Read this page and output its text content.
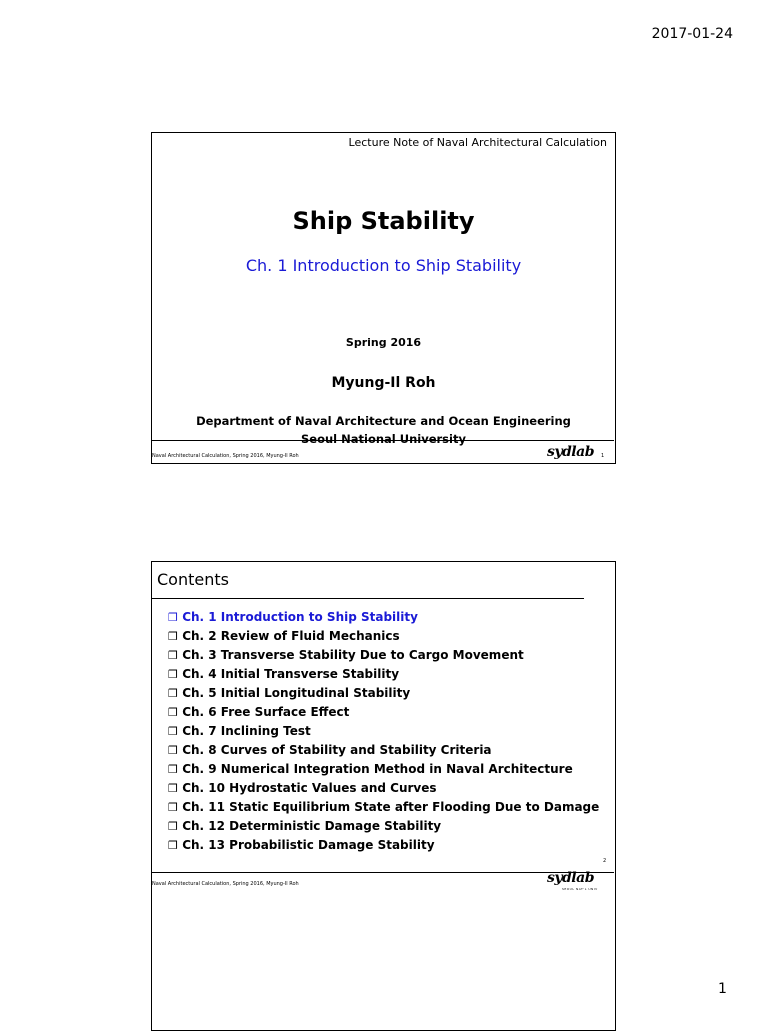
2017-01-24
Lecture Note of Naval Architectural Calculation
Ship Stability
Ch. 1 Introduction to Ship Stability
Spring 2016
Myung-Il Roh
Department of Naval Architecture and Ocean Engineering
Seoul National University
Naval Architectural Calculation, Spring 2016, Myung-Il Roh	sydlab 1
Contents
❒ Ch. 1 Introduction to Ship Stability
❒ Ch. 2 Review of Fluid Mechanics
❒ Ch. 3 Transverse Stability Due to Cargo Movement
❒ Ch. 4 Initial Transverse Stability
❒ Ch. 5 Initial Longitudinal Stability
❒ Ch. 6 Free Surface Effect
❒ Ch. 7 Inclining Test
❒ Ch. 8 Curves of Stability and Stability Criteria
❒ Ch. 9 Numerical Integration Method in Naval Architecture
❒ Ch. 10 Hydrostatic Values and Curves
❒ Ch. 11 Static Equilibrium State after Flooding Due to Damage
❒ Ch. 12 Deterministic Damage Stability
❒ Ch. 13 Probabilistic Damage Stability
2
Naval Architectural Calculation, Spring 2016, Myung-Il Roh	sydlab
SEOUL NAT'L UNIV
1
